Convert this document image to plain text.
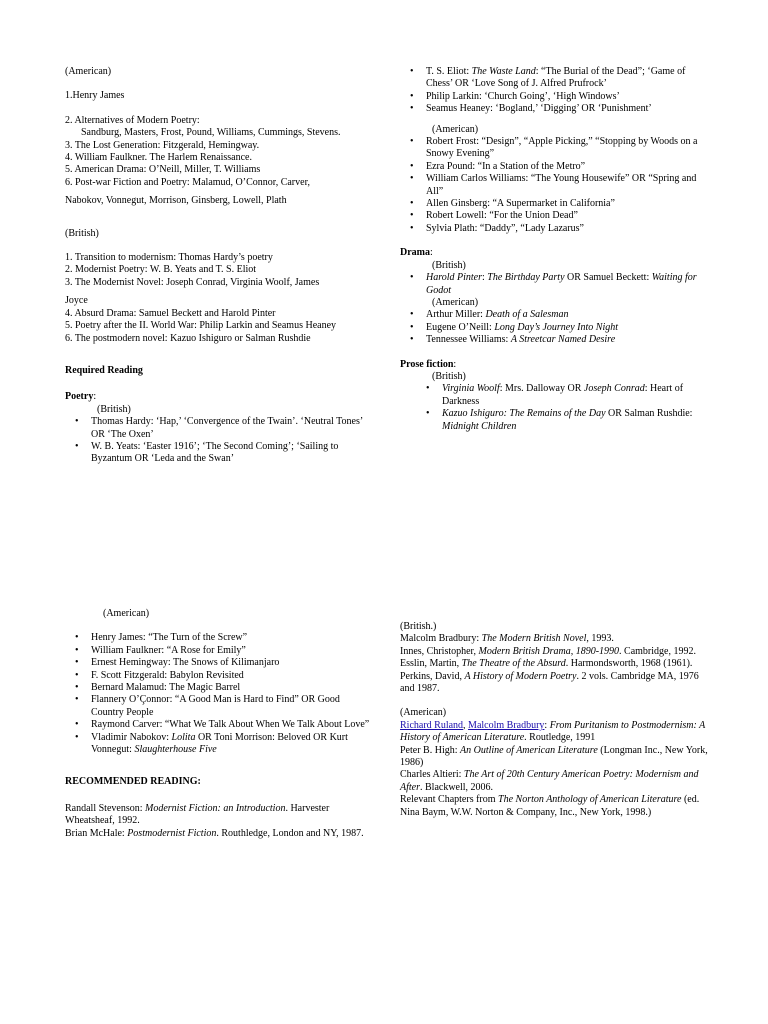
(American)

1.Henry James

2. Alternatives of Modern Poetry:

Sandburg, Masters, Frost, Pound, Williams, Cummings, Stevens.

3. The Lost Generation: Fitzgerald, Hemingway.

4. William Faulkner. The Harlem Renaissance.

5. American Drama: O’Neill, Miller, T. Williams

6. Post-war Fiction and Poetry: Malamud, O’Connor, Carver,

Nabokov, Vonnegut, Morrison, Ginsberg, Lowell, Plath

(British)

1. Transition to modernism: Thomas Hardy’s poetry

2. Modernist Poetry: W. B. Yeats and T. S. Eliot

3. The Modernist Novel: Joseph Conrad, Virginia Woolf, James

Joyce

4. Absurd Drama: Samuel Beckett and Harold Pinter

5. Poetry after the II. World War: Philip Larkin and Seamus Heaney

6. The postmodern novel: Kazuo Ishiguro or Salman Rushdie

Required Reading

Poetry:

(British)

• Thomas Hardy: ‘Hap,’ ‘Convergence of the Twain’. ‘Neutral Tones’ OR ‘The Oxen’
• W. B. Yeats: ‘Easter 1916’; ‘The Second Coming’; ‘Sailing to Byzantum OR ‘Leda and the Swan’
• T. S. Eliot: The Waste Land: “The Burial of the Dead”; ‘Game of Chess’ OR ‘Love Song of J. Alfred Prufrock’
• Philip Larkin: ‘Church Going’, ‘High Windows’
• Seamus Heaney: ‘Bogland,’ ‘Digging’ OR ‘Punishment’

(American)

• Robert Frost: “Design”, “Apple Picking,” “Stopping by Woods on a Snowy Evening”
• Ezra Pound: “In a Station of the Metro”
• William Carlos Williams: “The Young Housewife” OR “Spring and All”
• Allen Ginsberg: “A Supermarket in California”
• Robert Lowell: “For the Union Dead”
• Sylvia Plath: “Daddy”, “Lady Lazarus”

Drama:

(British)

• Harold Pinter: The Birthday Party OR Samuel Beckett: Waiting for Godot

(American)

• Arthur Miller: Death of a Salesman
• Eugene O’Neill: Long Day’s Journey Into Night
• Tennessee Williams: A Streetcar Named Desire

Prose fiction:

(British)

• Virginia Woolf: Mrs. Dalloway OR Joseph Conrad: Heart of Darkness
• Kazuo Ishiguro: The Remains of the Day OR Salman Rushdie: Midnight Children

(American)

• Henry James: “The Turn of the Screw”
• William Faulkner: “A Rose for Emily”
• Ernest Hemingway: The Snows of Kilimanjaro
• F. Scott Fitzgerald: Babylon Revisited
• Bernard Malamud: The Magic Barrel
• Flannery O’Çonnor: “A Good Man is Hard to Find” OR Good Country People
• Raymond Carver: “What We Talk About When We Talk About Love”
• Vladimir Nabokov: Lolita OR Toni Morrison: Beloved OR Kurt Vonnegut: Slaughterhouse Five

RECOMMENDED READING:

Randall Stevenson: Modernist Fiction: an Introduction. Harvester Wheatsheaf, 1992.

Brian McHale: Postmodernist Fiction. Routhledge, London and NY, 1987.

(British.)

Malcolm Bradbury: The Modern British Novel, 1993.

Innes, Christopher, Modern British Drama, 1890-1990. Cambridge, 1992.

Esslin, Martin, The Theatre of the Absurd. Harmondsworth, 1968 (1961).

Perkins, David, A History of Modern Poetry. 2 vols. Cambridge MA, 1976 and 1987.

(American)

Richard Ruland, Malcolm Bradbury: From Puritanism to Postmodernism: A History of American Literature. Routledge, 1991

Peter B. High: An Outline of American Literature (Longman Inc., New York, 1986)

Charles Altieri: The Art of 20th Century American Poetry: Modernism and After. Blackwell, 2006.

Relevant Chapters from The Norton Anthology of American Literature (ed. Nina Baym, W.W. Norton & Company, Inc., New York, 1998.)
